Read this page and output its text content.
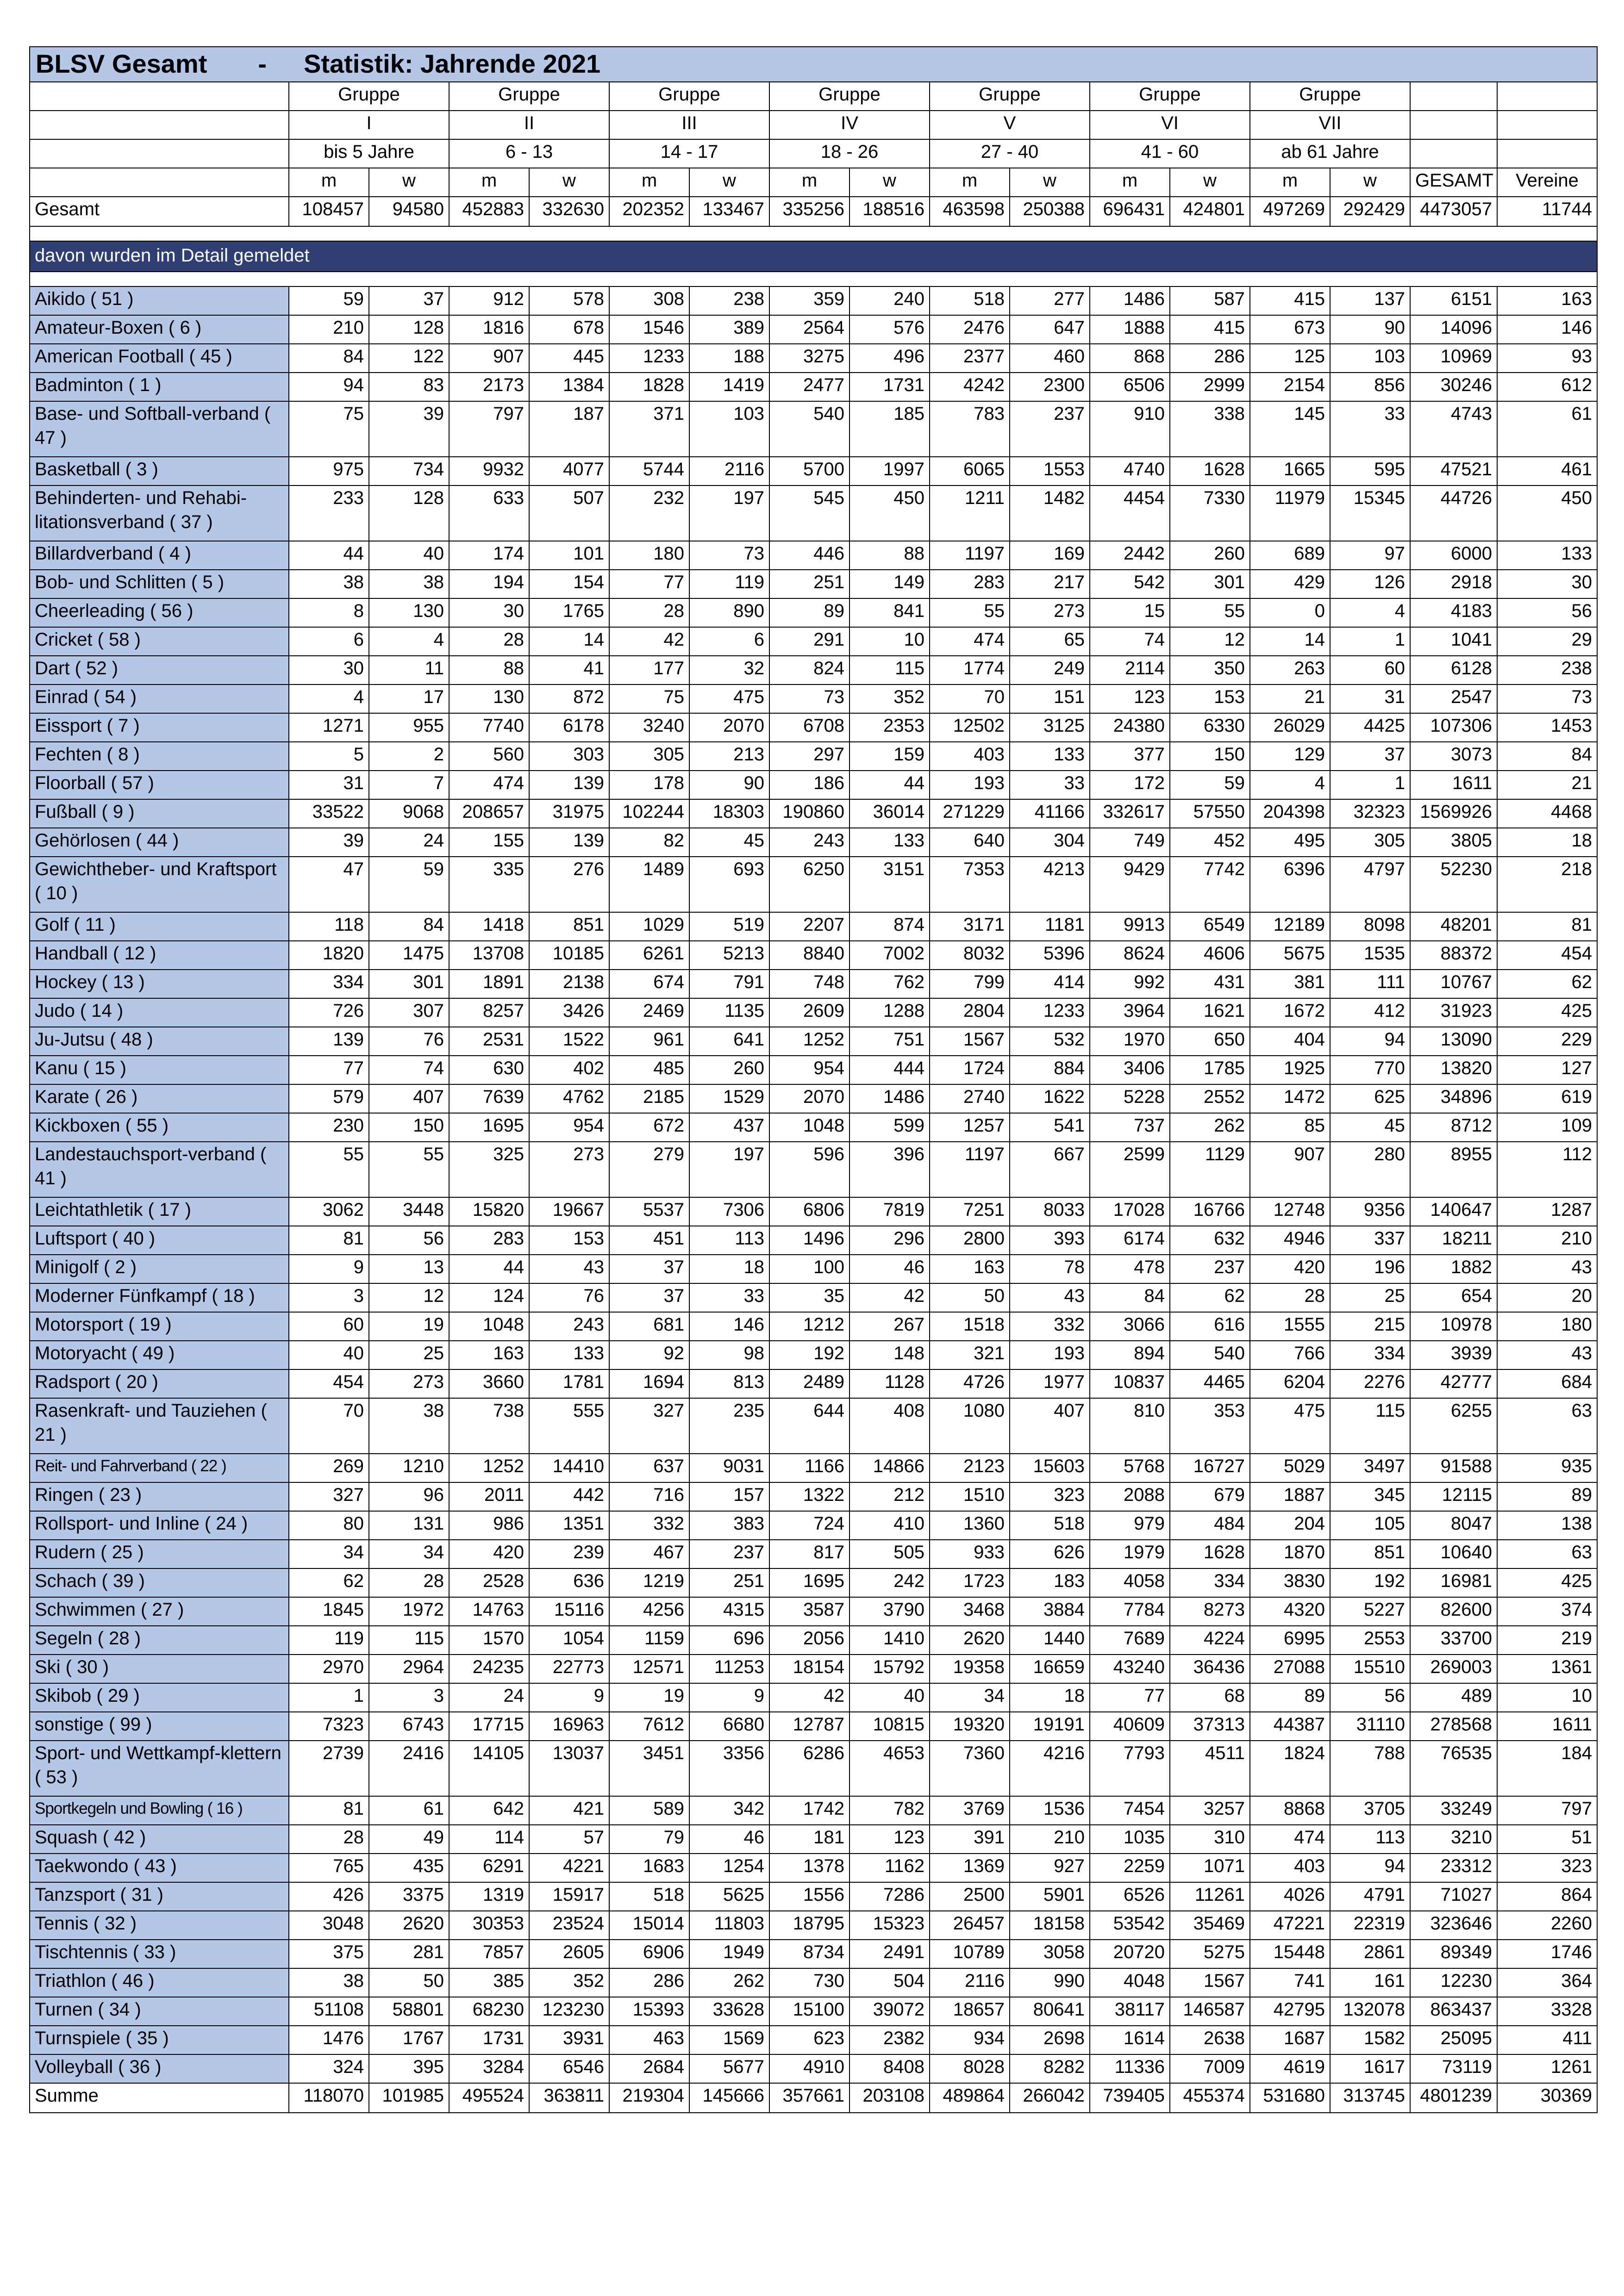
BLSV Gesamt - Statistik: Jahrende 2021																
	Gruppe		Gruppe		Gruppe		Gruppe		Gruppe		Gruppe		Gruppe			
	I		II		III		IV		V		VI		VII			
	bis 5 Jahre		6 - 13		14 - 17		18 - 26		27 - 40		41 - 60		ab 61 Jahre			
	m	w	m	w	m	w	m	w	m	w	m	w	m	w	GESAMT	Vereine
Gesamt	108457	94580	452883	332630	202352	133467	335256	188516	463598	250388	696431	424801	497269	292429	4473057	11744

davon wurden im Detail gemeldet																

Aikido ( 51 )	59	37	912	578	308	238	359	240	518	277	1486	587	415	137	6151	163
Amateur-Boxen ( 6 )	210	128	1816	678	1546	389	2564	576	2476	647	1888	415	673	90	14096	146
American Football ( 45 )	84	122	907	445	1233	188	3275	496	2377	460	868	286	125	103	10969	93
Badminton ( 1 )	94	83	2173	1384	1828	1419	2477	1731	4242	2300	6506	2999	2154	856	30246	612
Base- und Softball-verband ( 47 )	75	39	797	187	371	103	540	185	783	237	910	338	145	33	4743	61
Basketball ( 3 )	975	734	9932	4077	5744	2116	5700	1997	6065	1553	4740	1628	1665	595	47521	461
Behinderten- und Rehabi-litationsverband ( 37 )	233	128	633	507	232	197	545	450	1211	1482	4454	7330	11979	15345	44726	450
Billardverband ( 4 )	44	40	174	101	180	73	446	88	1197	169	2442	260	689	97	6000	133
Bob- und Schlitten ( 5 )	38	38	194	154	77	119	251	149	283	217	542	301	429	126	2918	30
Cheerleading ( 56 )	8	130	30	1765	28	890	89	841	55	273	15	55	0	4	4183	56
Cricket ( 58 )	6	4	28	14	42	6	291	10	474	65	74	12	14	1	1041	29
Dart ( 52 )	30	11	88	41	177	32	824	115	1774	249	2114	350	263	60	6128	238
Einrad ( 54 )	4	17	130	872	75	475	73	352	70	151	123	153	21	31	2547	73
Eissport ( 7 )	1271	955	7740	6178	3240	2070	6708	2353	12502	3125	24380	6330	26029	4425	107306	1453
Fechten ( 8 )	5	2	560	303	305	213	297	159	403	133	377	150	129	37	3073	84
Floorball ( 57 )	31	7	474	139	178	90	186	44	193	33	172	59	4	1	1611	21
Fußball ( 9 )	33522	9068	208657	31975	102244	18303	190860	36014	271229	41166	332617	57550	204398	32323	1569926	4468
Gehörlosen ( 44 )	39	24	155	139	82	45	243	133	640	304	749	452	495	305	3805	18
Gewichtheber- und Kraftsport ( 10 )	47	59	335	276	1489	693	6250	3151	7353	4213	9429	7742	6396	4797	52230	218
Golf ( 11 )	118	84	1418	851	1029	519	2207	874	3171	1181	9913	6549	12189	8098	48201	81
Handball ( 12 )	1820	1475	13708	10185	6261	5213	8840	7002	8032	5396	8624	4606	5675	1535	88372	454
Hockey ( 13 )	334	301	1891	2138	674	791	748	762	799	414	992	431	381	111	10767	62
Judo ( 14 )	726	307	8257	3426	2469	1135	2609	1288	2804	1233	3964	1621	1672	412	31923	425
Ju-Jutsu ( 48 )	139	76	2531	1522	961	641	1252	751	1567	532	1970	650	404	94	13090	229
Kanu ( 15 )	77	74	630	402	485	260	954	444	1724	884	3406	1785	1925	770	13820	127
Karate ( 26 )	579	407	7639	4762	2185	1529	2070	1486	2740	1622	5228	2552	1472	625	34896	619
Kickboxen ( 55 )	230	150	1695	954	672	437	1048	599	1257	541	737	262	85	45	8712	109
Landestauchsport-verband ( 41 )	55	55	325	273	279	197	596	396	1197	667	2599	1129	907	280	8955	112
Leichtathletik ( 17 )	3062	3448	15820	19667	5537	7306	6806	7819	7251	8033	17028	16766	12748	9356	140647	1287
Luftsport ( 40 )	81	56	283	153	451	113	1496	296	2800	393	6174	632	4946	337	18211	210
Minigolf ( 2 )	9	13	44	43	37	18	100	46	163	78	478	237	420	196	1882	43
Moderner Fünfkampf ( 18 )	3	12	124	76	37	33	35	42	50	43	84	62	28	25	654	20
Motorsport ( 19 )	60	19	1048	243	681	146	1212	267	1518	332	3066	616	1555	215	10978	180
Motoryacht ( 49 )	40	25	163	133	92	98	192	148	321	193	894	540	766	334	3939	43
Radsport ( 20 )	454	273	3660	1781	1694	813	2489	1128	4726	1977	10837	4465	6204	2276	42777	684
Rasenkraft- und Tauziehen ( 21 )	70	38	738	555	327	235	644	408	1080	407	810	353	475	115	6255	63
Reit- und Fahrverband ( 22 )	269	1210	1252	14410	637	9031	1166	14866	2123	15603	5768	16727	5029	3497	91588	935
Ringen ( 23 )	327	96	2011	442	716	157	1322	212	1510	323	2088	679	1887	345	12115	89
Rollsport- und Inline ( 24 )	80	131	986	1351	332	383	724	410	1360	518	979	484	204	105	8047	138
Rudern ( 25 )	34	34	420	239	467	237	817	505	933	626	1979	1628	1870	851	10640	63
Schach ( 39 )	62	28	2528	636	1219	251	1695	242	1723	183	4058	334	3830	192	16981	425
Schwimmen ( 27 )	1845	1972	14763	15116	4256	4315	3587	3790	3468	3884	7784	8273	4320	5227	82600	374
Segeln ( 28 )	119	115	1570	1054	1159	696	2056	1410	2620	1440	7689	4224	6995	2553	33700	219
Ski ( 30 )	2970	2964	24235	22773	12571	11253	18154	15792	19358	16659	43240	36436	27088	15510	269003	1361
Skibob ( 29 )	1	3	24	9	19	9	42	40	34	18	77	68	89	56	489	10
sonstige ( 99 )	7323	6743	17715	16963	7612	6680	12787	10815	19320	19191	40609	37313	44387	31110	278568	1611
Sport- und Wettkampf-klettern ( 53 )	2739	2416	14105	13037	3451	3356	6286	4653	7360	4216	7793	4511	1824	788	76535	184
Sportkegeln und Bowling ( 16 )	81	61	642	421	589	342	1742	782	3769	1536	7454	3257	8868	3705	33249	797
Squash ( 42 )	28	49	114	57	79	46	181	123	391	210	1035	310	474	113	3210	51
Taekwondo ( 43 )	765	435	6291	4221	1683	1254	1378	1162	1369	927	2259	1071	403	94	23312	323
Tanzsport ( 31 )	426	3375	1319	15917	518	5625	1556	7286	2500	5901	6526	11261	4026	4791	71027	864
Tennis ( 32 )	3048	2620	30353	23524	15014	11803	18795	15323	26457	18158	53542	35469	47221	22319	323646	2260
Tischtennis ( 33 )	375	281	7857	2605	6906	1949	8734	2491	10789	3058	20720	5275	15448	2861	89349	1746
Triathlon ( 46 )	38	50	385	352	286	262	730	504	2116	990	4048	1567	741	161	12230	364
Turnen ( 34 )	51108	58801	68230	123230	15393	33628	15100	39072	18657	80641	38117	146587	42795	132078	863437	3328
Turnspiele ( 35 )	1476	1767	1731	3931	463	1569	623	2382	934	2698	1614	2638	1687	1582	25095	411
Volleyball ( 36 )	324	395	3284	6546	2684	5677	4910	8408	8028	8282	11336	7009	4619	1617	73119	1261
Summe	118070	101985	495524	363811	219304	145666	357661	203108	489864	266042	739405	455374	531680	313745	4801239	30369
